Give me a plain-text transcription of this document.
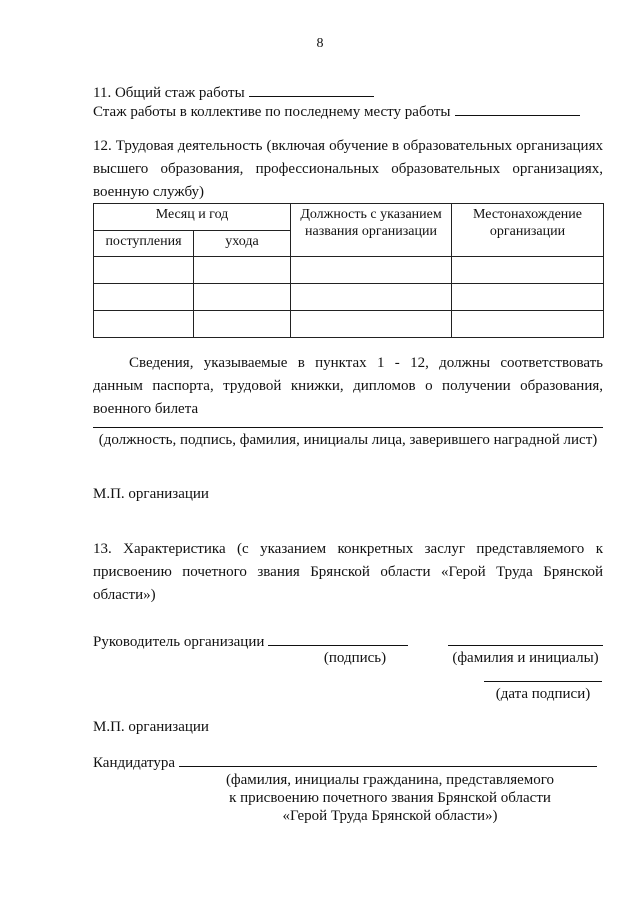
8
11. Общий стаж работы
Стаж работы в коллективе по последнему месту работы

12. Трудовая деятельность (включая обучение в образовательных организациях высшего образования, профессиональных образовательных организациях, военную службу)

Месяц и год		Должность с указанием названия организации	Местонахождение организации
поступления	ухода		

Сведения, указываемые в пунктах 1 - 12, должны соответствовать данным паспорта, трудовой книжки, дипломов о получении образования, военного билета

(должность, подпись, фамилия, инициалы лица, заверившего наградной лист)
М.П. организации

13. Характеристика (с указанием конкретных заслуг представляемого к присвоению почетного звания Брянской области «Герой Труда Брянской области»)

Руководитель организации
(подпись)	(фамилия и инициалы)
(дата подписи)
М.П. организации
Кандидатура
(фамилия, инициалы гражданина, представляемого
к присвоению почетного звания Брянской области
«Герой Труда Брянской области»)
